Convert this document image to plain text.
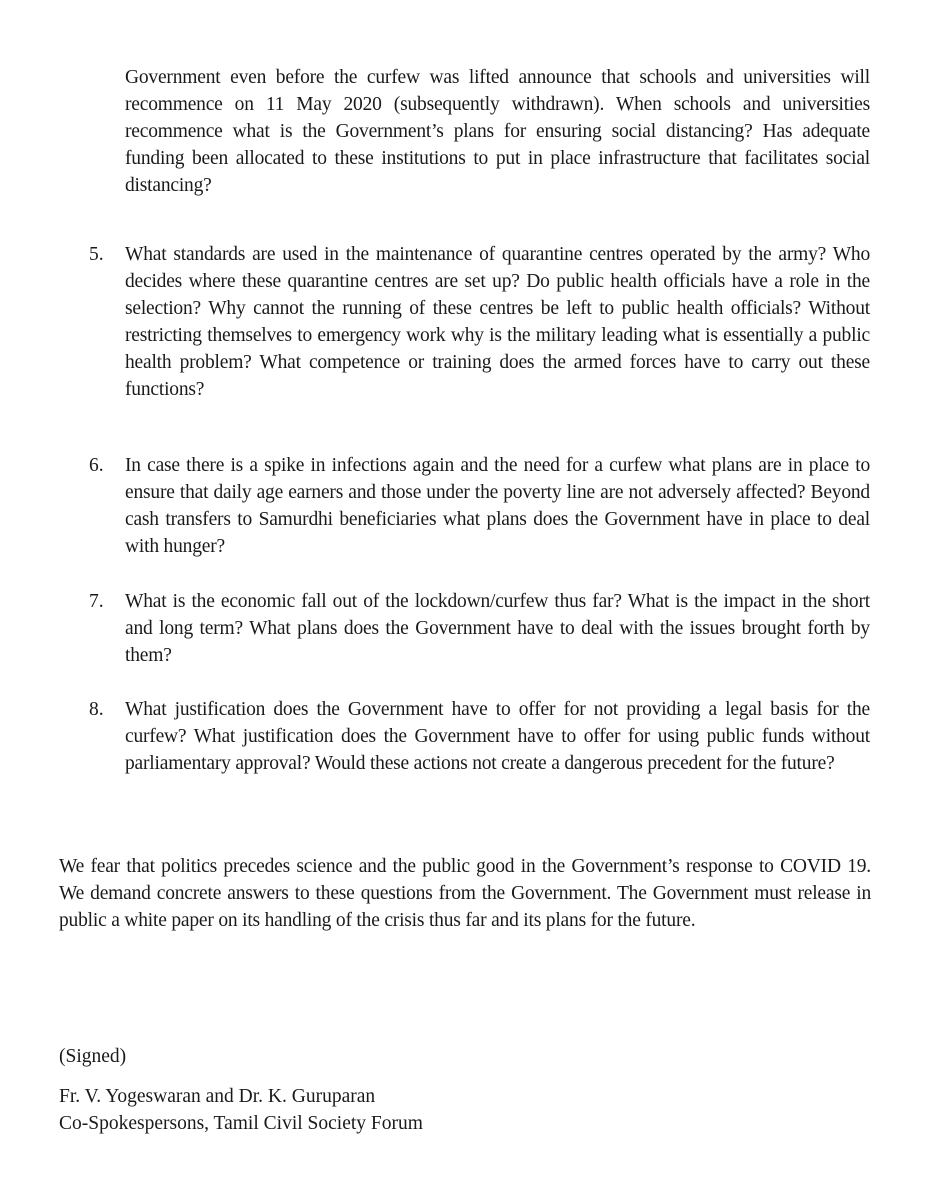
Government even before the curfew was lifted announce that schools and universities will recommence on 11 May 2020 (subsequently withdrawn). When schools and universities recommence what is the Government’s plans for ensuring social distancing? Has adequate funding been allocated to these institutions to put in place infrastructure that facilitates social distancing?

5. What standards are used in the maintenance of quarantine centres operated by the army? Who decides where these quarantine centres are set up? Do public health officials have a role in the selection? Why cannot the running of these centres be left to public health officials? Without restricting themselves to emergency work why is the military leading what is essentially a public health problem? What competence or training does the armed forces have to carry out these functions?

6. In case there is a spike in infections again and the need for a curfew what plans are in place to ensure that daily age earners and those under the poverty line are not adversely affected? Beyond cash transfers to Samurdhi beneficiaries what plans does the Government have in place to deal with hunger?

7. What is the economic fall out of the lockdown/curfew thus far? What is the impact in the short and long term? What plans does the Government have to deal with the issues brought forth by them?

8. What justification does the Government have to offer for not providing a legal basis for the curfew? What justification does the Government have to offer for using public funds without parliamentary approval? Would these actions not create a dangerous precedent for the future?

We fear that politics precedes science and the public good in the Government’s response to COVID 19. We demand concrete answers to these questions from the Government. The Government must release in public a white paper on its handling of the crisis thus far and its plans for the future.

(Signed)
Fr. V. Yogeswaran and Dr. K. Guruparan
Co-Spokespersons, Tamil Civil Society Forum
